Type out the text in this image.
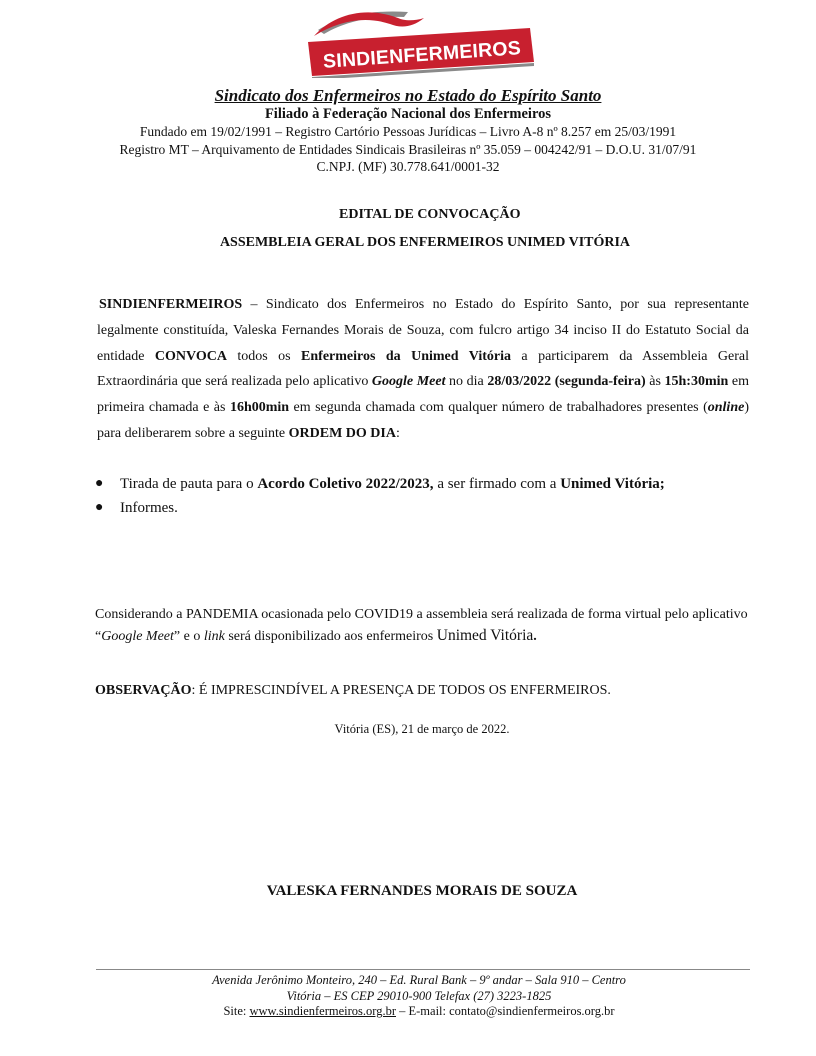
SINDIENFERMEIROS
Sindicato dos Enfermeiros no Estado do Espírito Santo
Filiado à Federação Nacional dos Enfermeiros
Fundado em 19/02/1991 – Registro Cartório Pessoas Jurídicas – Livro A-8 nº 8.257 em 25/03/1991
Registro MT – Arquivamento de Entidades Sindicais Brasileiras nº 35.059 – 004242/91 – D.O.U. 31/07/91
C.NPJ. (MF) 30.778.641/0001-32
EDITAL DE CONVOCAÇÃO
ASSEMBLEIA GERAL DOS ENFERMEIROS UNIMED VITÓRIA
SINDIENFERMEIROS – Sindicato dos Enfermeiros no Estado do Espírito Santo, por sua representante legalmente constituída, Valeska Fernandes Morais de Souza, com fulcro artigo 34 inciso II do Estatuto Social da entidade CONVOCA todos os Enfermeiros da Unimed Vitória a participarem da Assembleia Geral Extraordinária que será realizada pelo aplicativo Google Meet no dia 28/03/2022 (segunda-feira) às 15h:30min em primeira chamada e às 16h00min em segunda chamada com qualquer número de trabalhadores presentes (online) para deliberarem sobre a seguinte ORDEM DO DIA:
● Tirada de pauta para o Acordo Coletivo 2022/2023, a ser firmado com a Unimed Vitória;
● Informes.
Considerando a PANDEMIA ocasionada pelo COVID19 a assembleia será realizada de forma virtual pelo aplicativo “Google Meet” e o link será disponibilizado aos enfermeiros Unimed Vitória.
OBSERVAÇÃO: É IMPRESCINDÍVEL A PRESENÇA DE TODOS OS ENFERMEIROS.
Vitória (ES), 21 de março de 2022.
VALESKA FERNANDES MORAIS DE SOUZA
Avenida Jerônimo Monteiro, 240 – Ed. Rural Bank – 9º andar – Sala 910 – Centro
Vitória – ES CEP 29010-900 Telefax (27) 3223-1825
Site: www.sindienfermeiros.org.br – E-mail: contato@sindienfermeiros.org.br
